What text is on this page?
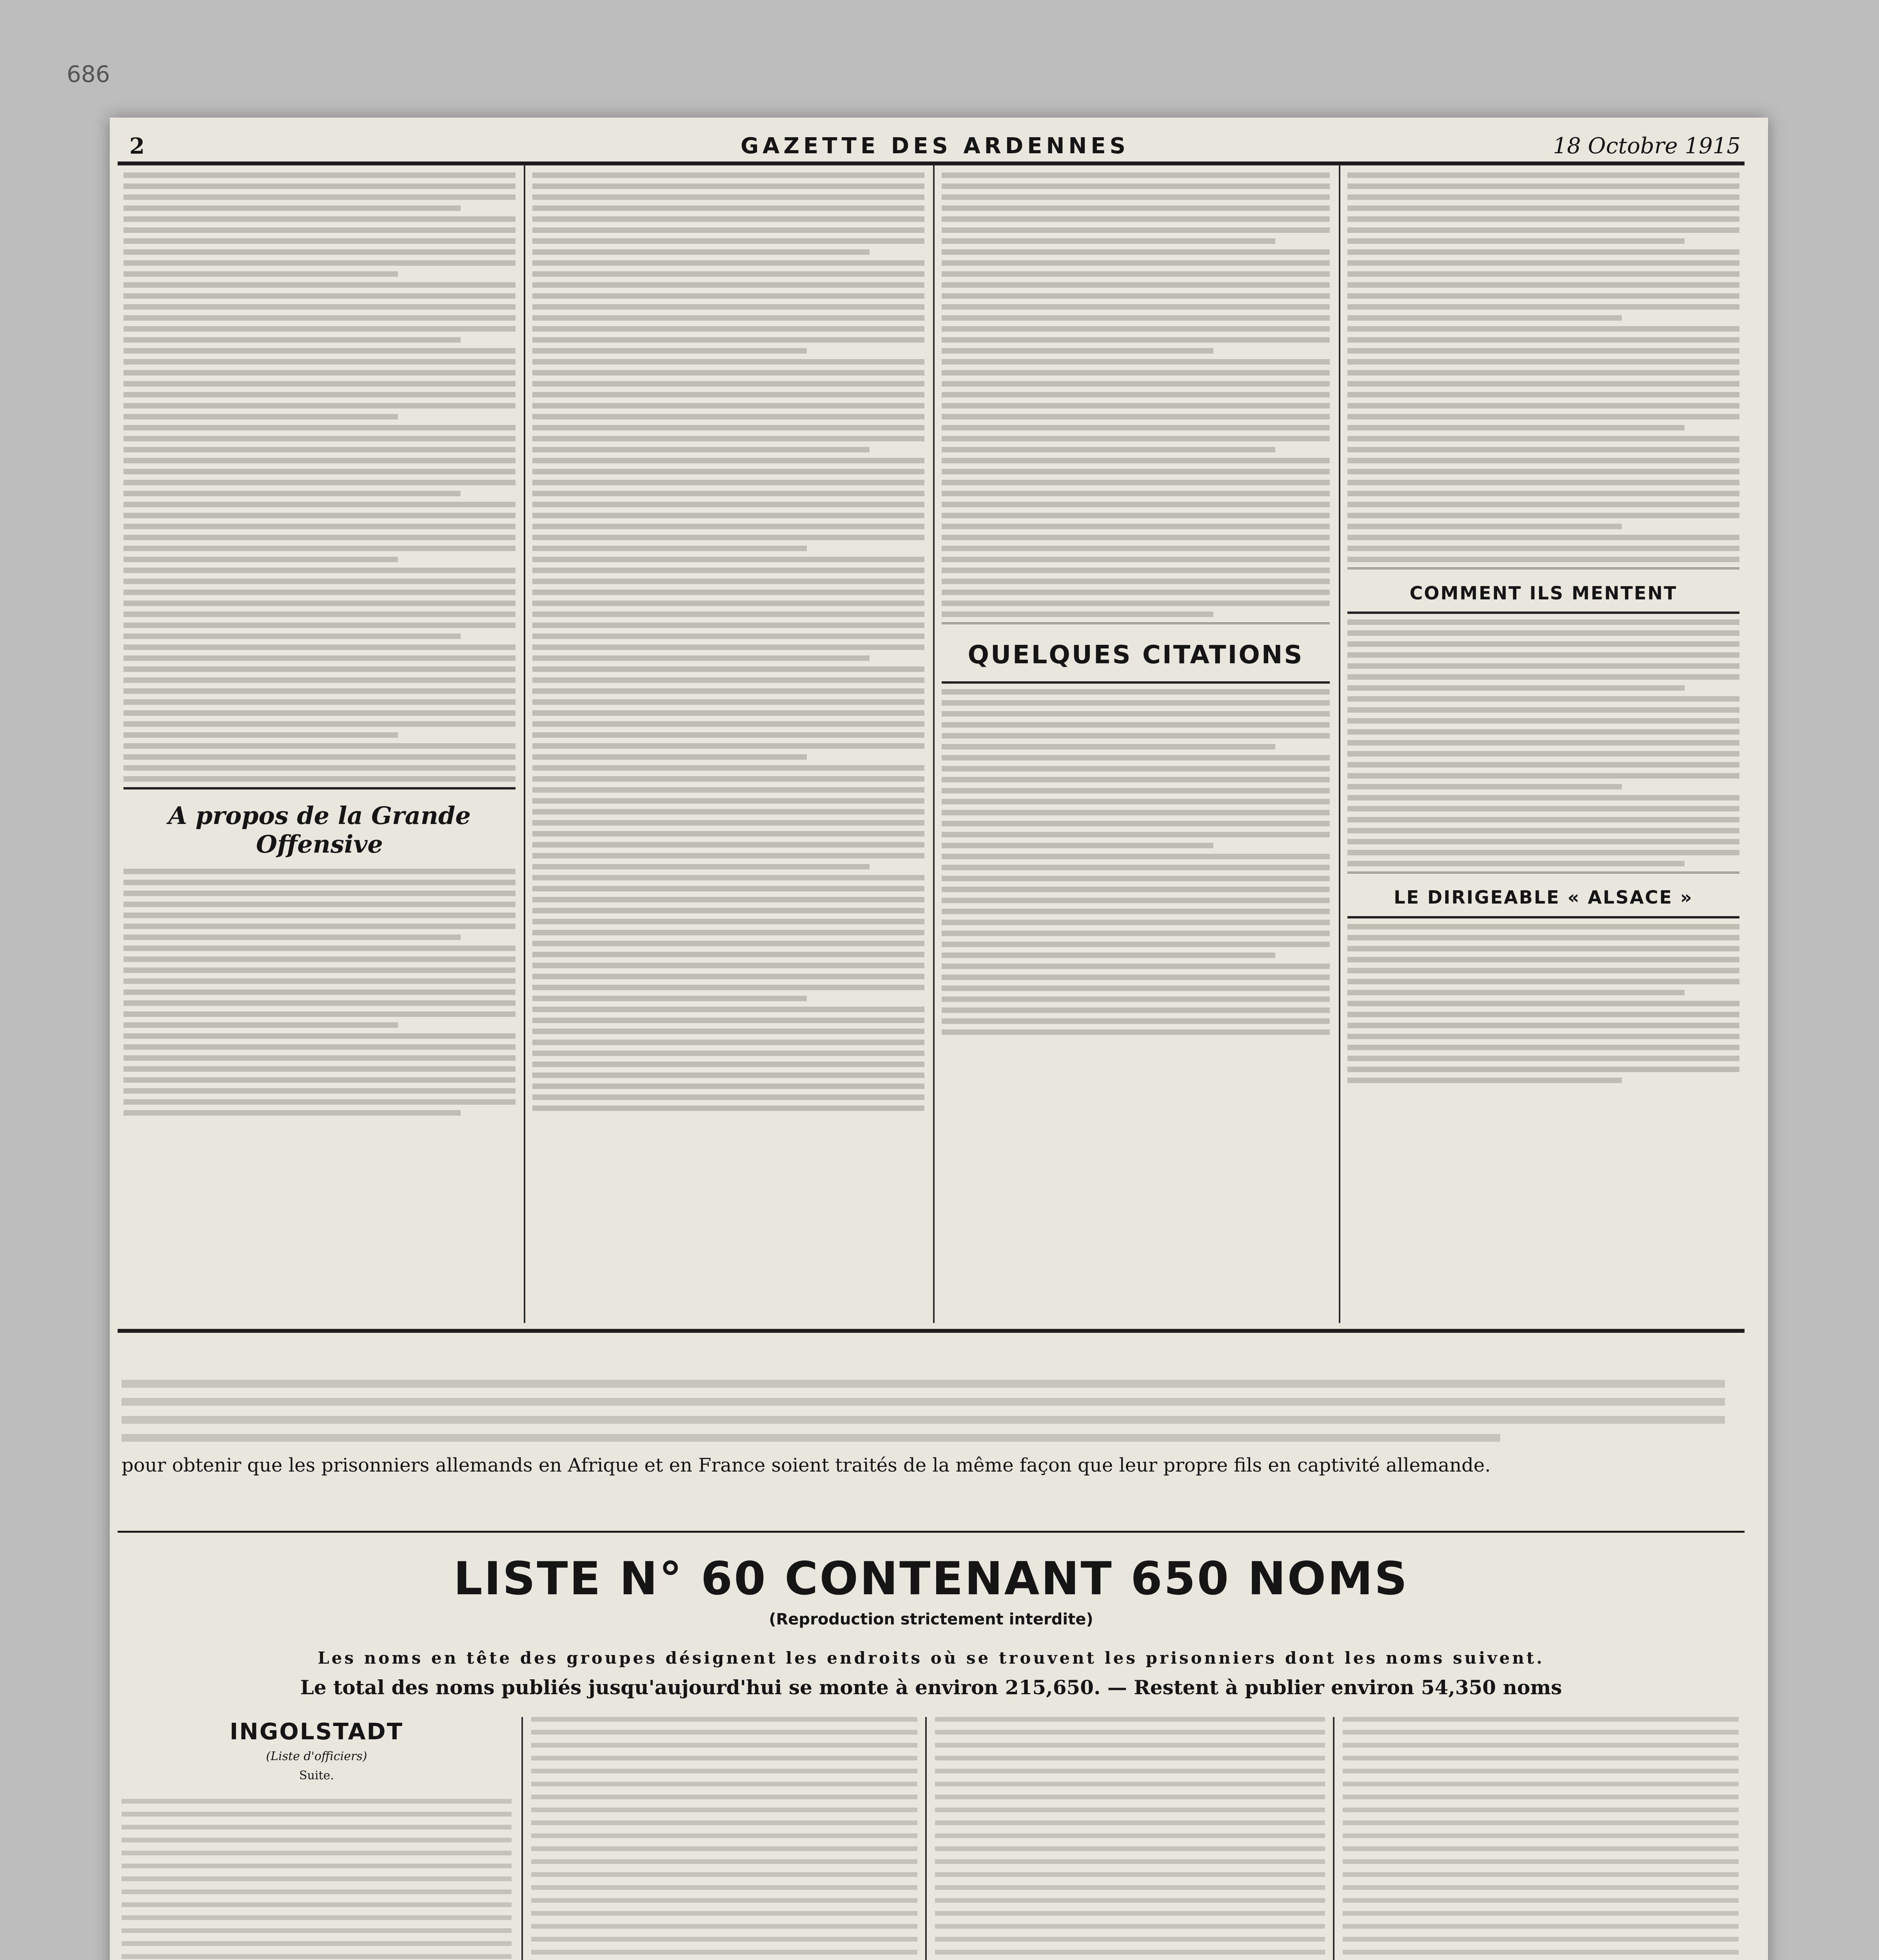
686
2	GAZETTE DES ARDENNES	18 Octobre 1915
A propos de la Grande Offensive
QUELQUES CITATIONS
COMMENT ILS MENTENT
LE DIRIGEABLE « ALSACE »
pour obtenir que les prisonniers allemands en Afrique et en France soient traités de la même façon que leur propre fils en captivité allemande.
LISTE N° 60 CONTENANT 650 NOMS
(Reproduction strictement interdite)
Les noms en tête des groupes désignent les endroits où se trouvent les prisonniers dont les noms suivent.
Le total des noms publiés jusqu'aujourd'hui se monte à environ 215,650. — Restent à publier environ 54,350 noms
INGOLSTADT
(Liste d'officiers)
Suite.
